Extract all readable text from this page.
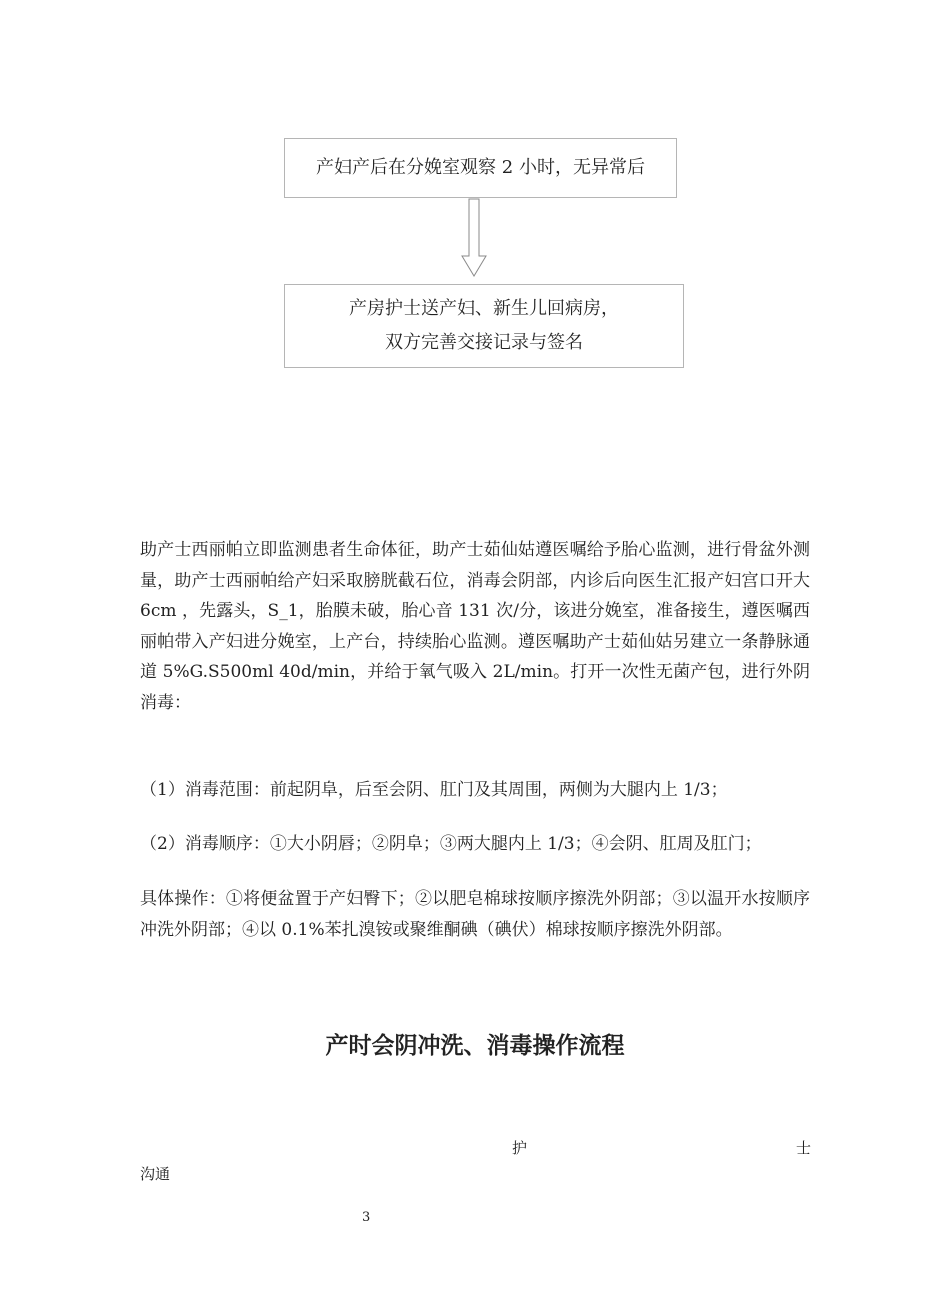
产妇产后在分娩室观察 2 小时，无异常后
产房护士送产妇、新生儿回病房，
双方完善交接记录与签名

助产士西丽帕立即监测患者生命体征，助产士茹仙姑遵医嘱给予胎心监测，进行骨盆外测量，助产士西丽帕给产妇采取膀胱截石位，消毒会阴部，内诊后向医生汇报产妇宫口开大 6cm ，先露头，S_1，胎膜未破，胎心音 131 次/分，该进分娩室，准备接生，遵医嘱西丽帕带入产妇进分娩室，上产台，持续胎心监测。遵医嘱助产士茹仙姑另建立一条静脉通道 5%G.S500ml 40d/min，并给于氧气吸入 2L/min。打开一次性无菌产包，进行外阴消毒：

（1）消毒范围：前起阴阜，后至会阴、肛门及其周围，两侧为大腿内上 1/3；

（2）消毒顺序：①大小阴唇；②阴阜；③两大腿内上 1/3；④会阴、肛周及肛门；

具体操作：①将便盆置于产妇臀下；②以肥皂棉球按顺序擦洗外阴部；③以温开水按顺序冲洗外阴部；④以 0.1%苯扎溴铵或聚维酮碘（碘伏）棉球按顺序擦洗外阴部。

产时会阴冲洗、消毒操作流程
护	士
沟通
3
